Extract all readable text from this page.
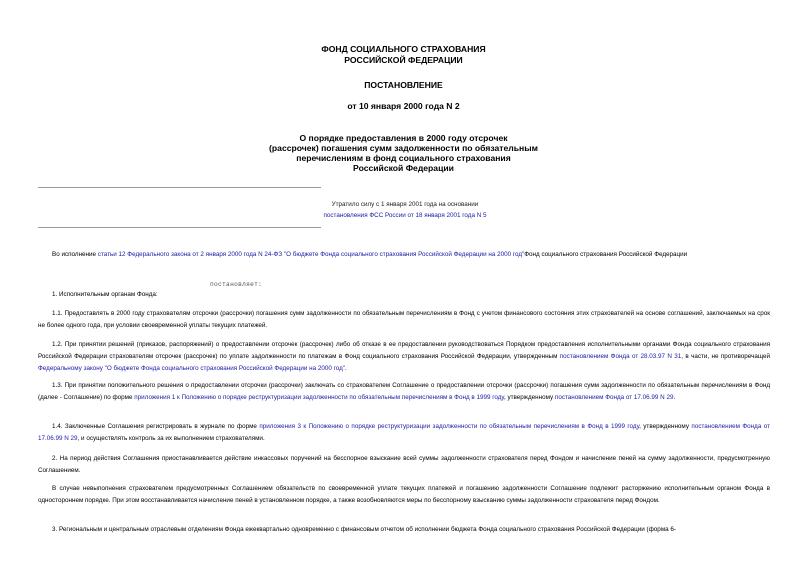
ФОНД СОЦИАЛЬНОГО СТРАХОВАНИЯ
РОССИЙСКОЙ ФЕДЕРАЦИИ
ПОСТАНОВЛЕНИЕ
от 10 января 2000 года N 2
О порядке предоставления в 2000 году отсрочек
(рассрочек) погашения сумм задолженности по обязательным
перечислениям в фонд социального страхования
Российской Федерации
Утратило силу с 1 января 2001 года на основании
постановления ФСС России от 18 января 2001 года N 5
Во исполнение статьи 12 Федерального закона от 2 января 2000 года N 24-ФЗ "О бюджете Фонда социального страхования Российской Федерации на 2000 год"Фонд социального страхования Российской Федерации
постановляет:
1. Исполнительным органам Фонда:
1.1. Предоставлять в 2000 году страхователям отсрочки (рассрочки) погашения сумм задолженности по обязательным перечислениям в Фонд с учетом финансового состояния этих страхователей на основе соглашений, заключаемых на срок не более одного года, при условии своевременной уплаты текущих платежей.
1.2. При принятии решений (приказов, распоряжений) о предоставлении отсрочек (рассрочек) либо об отказе в ее предоставлении руководствоваться Порядком предоставления исполнительными органами Фонда социального страхования Российской Федерации страхователям отсрочек (рассрочек) по уплате задолженности по платежам в Фонд социального страхования Российской Федерации, утвержденным постановлением Фонда от 28.03.97 N 31, в части, не противоречащей Федеральному закону "О бюджете Фонда социального страхования Российской Федерации на 2000 год".
1.3. При принятии положительного решения о предоставлении отсрочки (рассрочки) заключать со страхователем Соглашение о предоставлении отсрочки (рассрочки) погашения сумм задолженности по обязательным перечислениям в Фонд (далее - Соглашение) по форме приложения 1 к Положению о порядке реструктуризации задолженности по обязательным перечислениям в Фонд в 1999 году, утвержденному постановлением Фонда от 17.06.99 N 29.
1.4. Заключенные Соглашения регистрировать в журнале по форме приложения 3 к Положению о порядке реструктуризации задолженности по обязательным перечислениям в Фонд в 1999 году, утвержденному постановлением Фонда от 17.06.99 N 29, и осуществлять контроль за их выполнением страхователями.
2. На период действия Соглашения приостанавливается действие инкассовых поручений на бесспорное взыскание всей суммы задолженности страхователя перед Фондом и начисление пеней на сумму задолженности, предусмотренную Соглашением.
В случае невыполнения страхователем предусмотренных Соглашением обязательств по своевременной уплате текущих платежей и погашению задолженности Соглашение подлежит расторжению исполнительным органом Фонда в одностороннем порядке. При этом восстанавливается начисление пеней в установленном порядке, а также возобновляются меры по бесспорному взысканию суммы задолженности страхователя перед Фондом.
3. Региональным и центральным отраслевым отделениям Фонда ежеквартально одновременно с финансовым отчетом об исполнении бюджета Фонда социального страхования Российской Федерации (форма 6-
